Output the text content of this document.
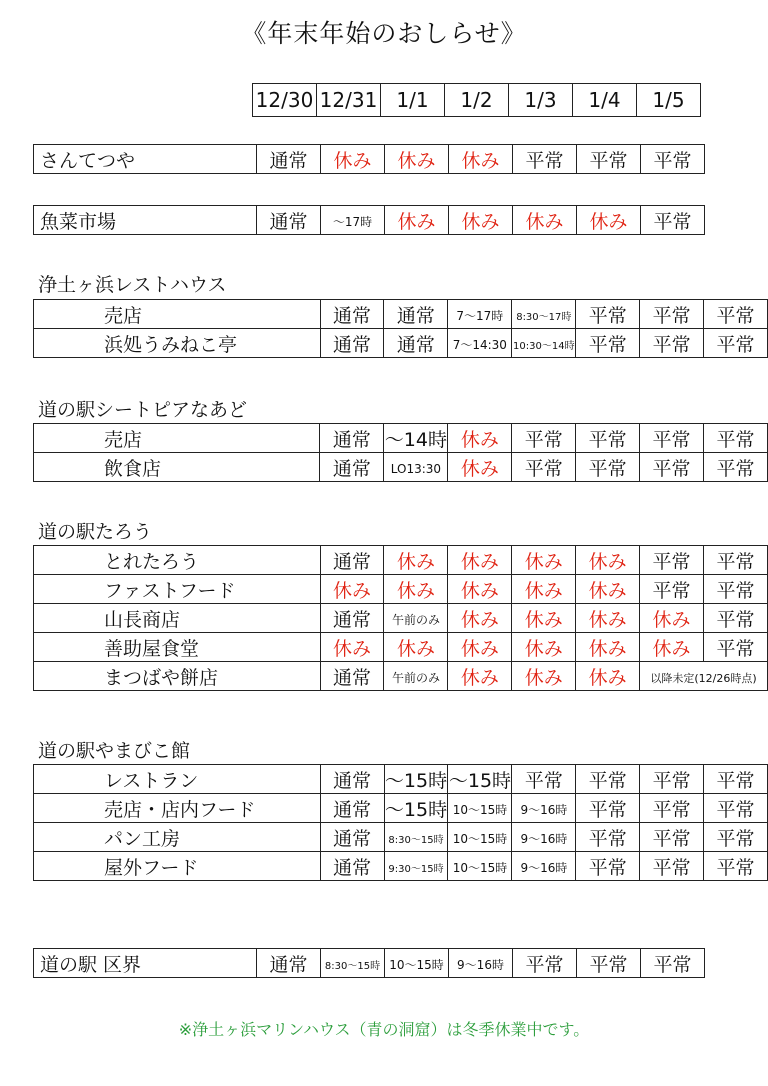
《年末年始のおしらせ》
12/30	12/31	1/1	1/2	1/3	1/4	1/5
さんてつや	通常	休み	休み	休み	平常	平常	平常
魚菜市場	通常	～17時	休み	休み	休み	休み	平常
浄土ヶ浜レストハウス
売店	通常	通常	7～17時	8:30～17時	平常	平常	平常
浜処うみねこ亭	通常	通常	7～14:30	10:30～14時	平常	平常	平常
道の駅シートピアなあど
売店	通常	～14時	休み	平常	平常	平常	平常
飲食店	通常	LO13:30	休み	平常	平常	平常	平常
道の駅たろう
とれたろう	通常	休み	休み	休み	休み	平常	平常
ファストフード	休み	休み	休み	休み	休み	平常	平常
山長商店	通常	午前のみ	休み	休み	休み	休み	平常
善助屋食堂	休み	休み	休み	休み	休み	休み	平常
まつばや餅店	通常	午前のみ	休み	休み	休み	以降未定(12/26時点)	
道の駅やまびこ館
レストラン	通常	～15時	～15時	平常	平常	平常	平常
売店・店内フード	通常	～15時	10～15時	9～16時	平常	平常	平常
パン工房	通常	8:30～15時	10～15時	9～16時	平常	平常	平常
屋外フード	通常	9:30～15時	10～15時	9～16時	平常	平常	平常
道の駅 区界	通常	8:30～15時	10～15時	9～16時	平常	平常	平常
※浄土ヶ浜マリンハウス（青の洞窟）は冬季休業中です。
